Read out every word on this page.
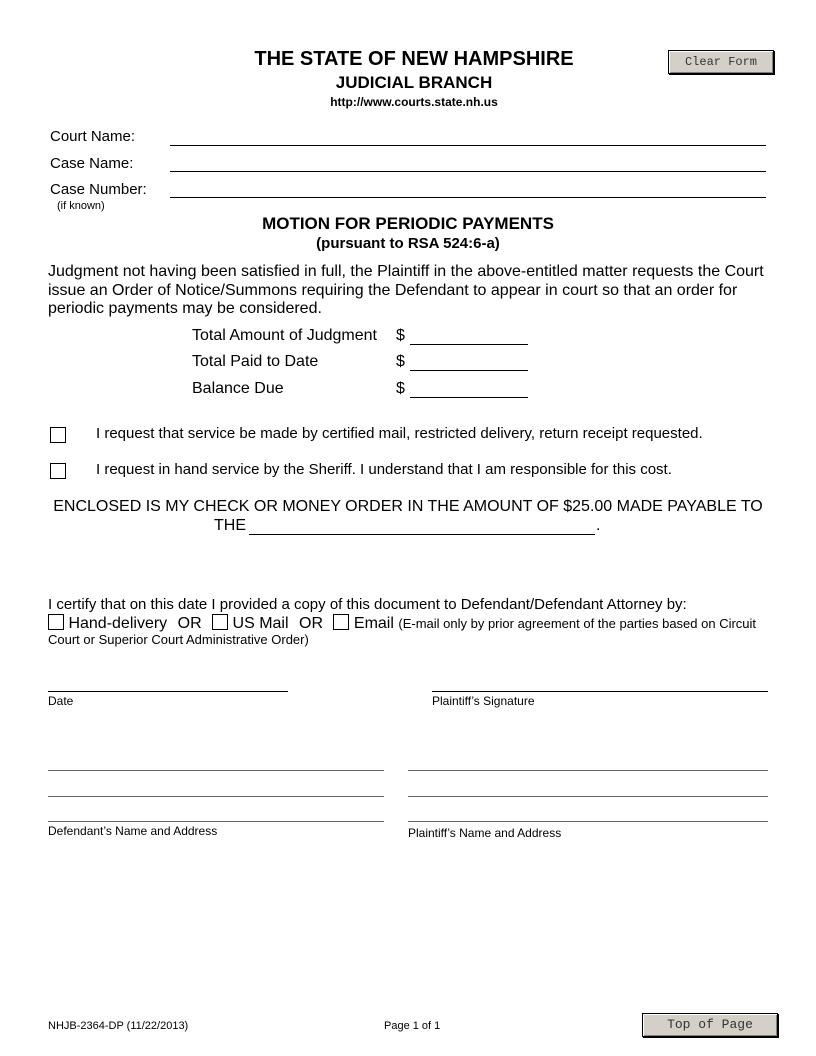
THE STATE OF NEW HAMPSHIRE
JUDICIAL BRANCH
http://www.courts.state.nh.us
Clear Form
Court Name:
Case Name:
Case Number:
(if known)
MOTION FOR PERIODIC PAYMENTS
(pursuant to RSA 524:6-a)
Judgment not having been satisfied in full, the Plaintiff in the above-entitled matter requests the Court issue an Order of Notice/Summons requiring the Defendant to appear in court so that an order for periodic payments may be considered.
Total Amount of Judgment $
Total Paid to Date	$
Balance Due	$
I request that service be made by certified mail, restricted delivery, return receipt requested.
I request in hand service by the Sheriff. I understand that I am responsible for this cost.
ENCLOSED IS MY CHECK OR MONEY ORDER IN THE AMOUNT OF $25.00 MADE PAYABLE TO
THE	.
I certify that on this date I provided a copy of this document to Defendant/Defendant Attorney by:
Hand-delivery OR US Mail OR Email (E-mail only by prior agreement of the parties based on Circuit Court or Superior Court Administrative Order)
Date	Plaintiff’s Signature
Defendant’s Name and Address	Plaintiff’s Name and Address
NHJB-2364-DP (11/22/2013)	Page 1 of 1	Top of Page
